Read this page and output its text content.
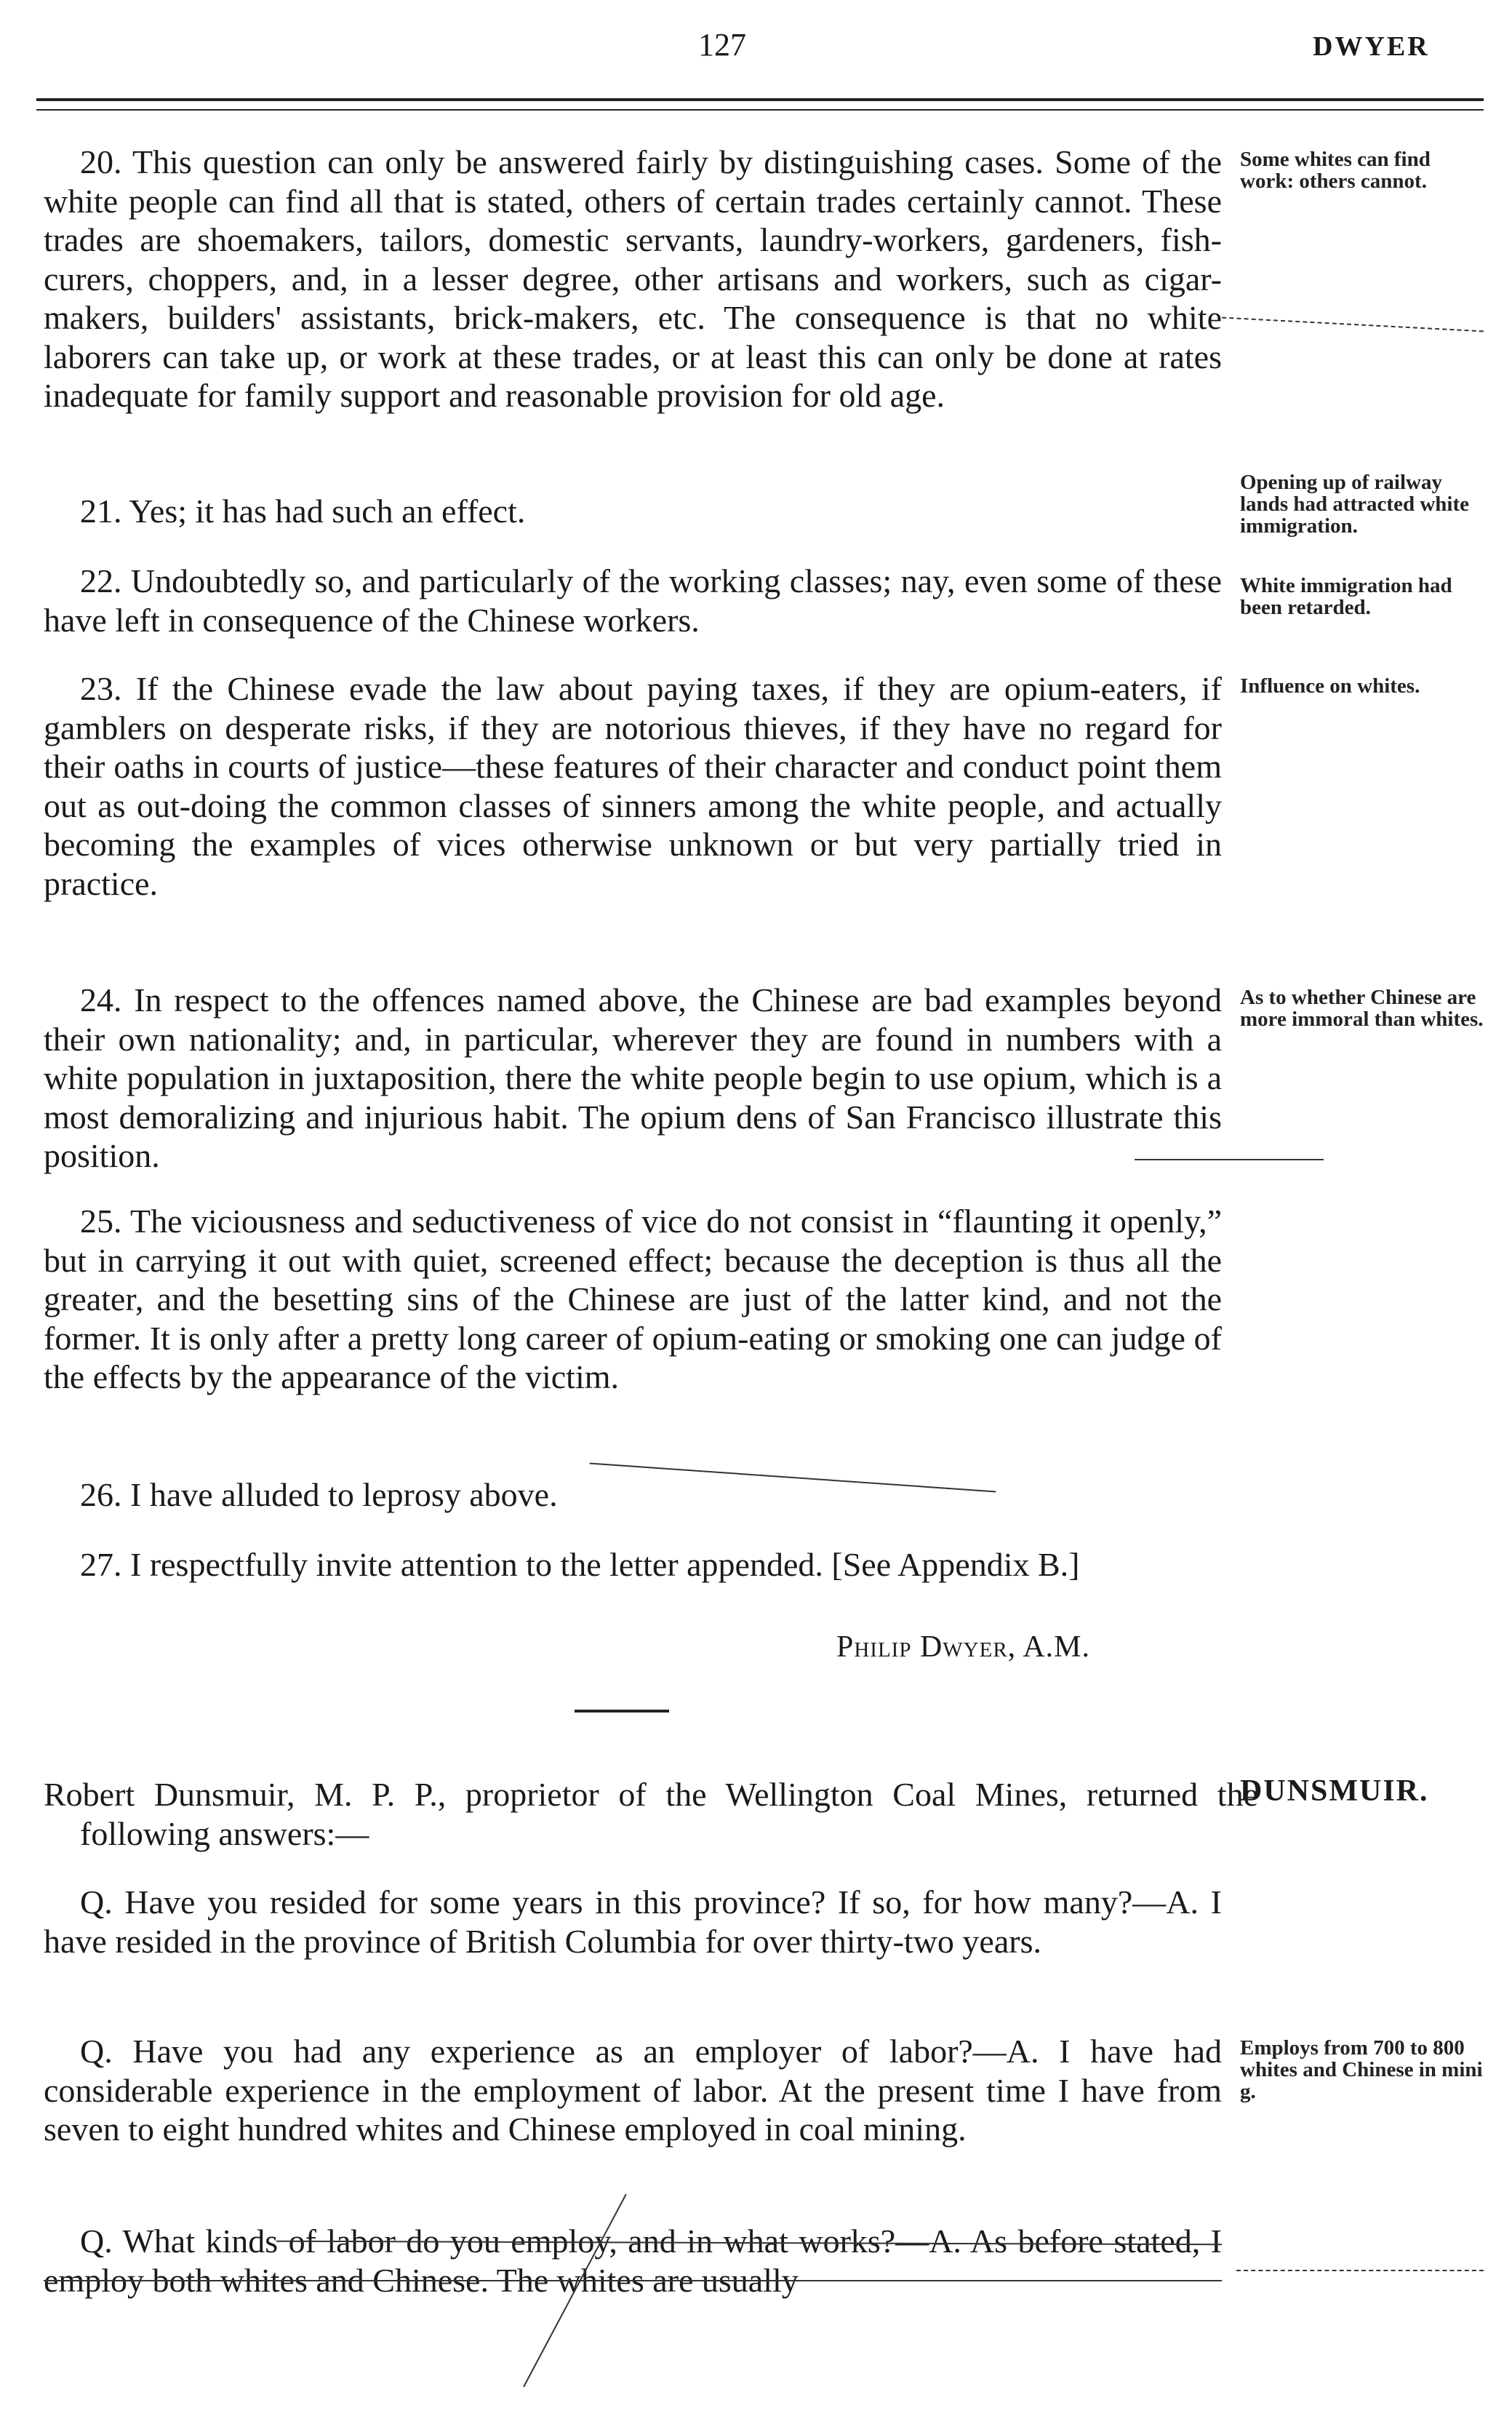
127	DWYER

20. This question can only be answered fairly by distinguishing cases. Some of the white people can find all that is stated, others of certain trades certainly cannot. These trades are shoemakers, tailors, domestic servants, laundry-workers, gardeners, fish-curers, choppers, and, in a lesser degree, other artisans and workers, such as cigar-makers, builders' assistants, brick-makers, etc. The consequence is that no white laborers can take up, or work at these trades, or at least this can only be done at rates inadequate for family support and reasonable provision for old age.

Some whites can find work: others cannot.

21. Yes; it has had such an effect.

Opening up of railway lands had attracted white immigration.

22. Undoubtedly so, and particularly of the working classes; nay, even some of these have left in consequence of the Chinese workers.

White immigration had been retarded.

23. If the Chinese evade the law about paying taxes, if they are opium-eaters, if gamblers on desperate risks, if they are notorious thieves, if they have no regard for their oaths in courts of justice—these features of their character and conduct point them out as out-doing the common classes of sinners among the white people, and actually becoming the examples of vices otherwise unknown or but very partially tried in practice.

Influence on whites.

24. In respect to the offences named above, the Chinese are bad examples beyond their own nationality; and, in particular, wherever they are found in numbers with a white population in juxtaposition, there the white people begin to use opium, which is a most demoralizing and injurious habit. The opium dens of San Francisco illustrate this position.

As to whether Chinese are more immoral than whites.

25. The viciousness and seductiveness of vice do not consist in “flaunting it openly,” but in carrying it out with quiet, screened effect; because the deception is thus all the greater, and the besetting sins of the Chinese are just of the latter kind, and not the former. It is only after a pretty long career of opium-eating or smoking one can judge of the effects by the appearance of the victim.

26. I have alluded to leprosy above.

27. I respectfully invite attention to the letter appended. [See Appendix B.]

Philip Dwyer, A.M.

Robert Dunsmuir, M. P. P., proprietor of the Wellington Coal Mines, returned the following answers:—

DUNSMUIR.

Q. Have you resided for some years in this province? If so, for how many?—A. I have resided in the province of British Columbia for over thirty-two years.

Q. Have you had any experience as an employer of labor?—A. I have had considerable experience in the employment of labor. At the present time I have from seven to eight hundred whites and Chinese employed in coal mining.

Employs from 700 to 800 whites and Chinese in mini g.

Q. What kinds of labor do you employ, and in what works?—A. As before stated, I employ both whites and Chinese. The whites are usually
